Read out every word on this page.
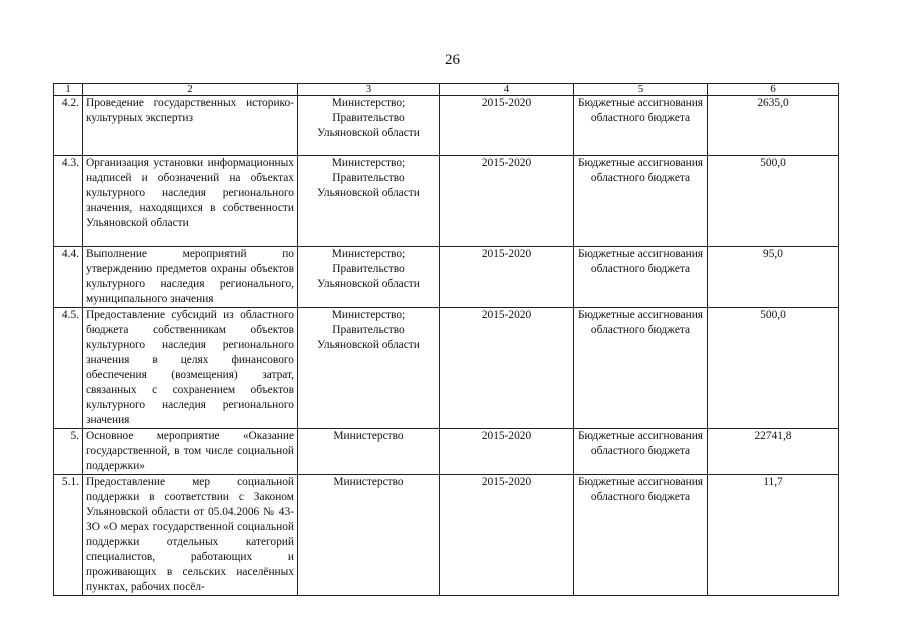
26
1	2	3	4	5	6
4.2.	Проведение государственных историко-культурных экспертиз	Министерство; Правительство Ульяновской области	2015-2020	Бюджетные ассигнования областного бюджета	2635,0
4.3.	Организация установки информационных надписей и обозначений на объектах культурного наследия регионального значения, находящихся в собственности Ульяновской области	Министерство; Правительство Ульяновской области	2015-2020	Бюджетные ассигнования областного бюджета	500,0
4.4.	Выполнение мероприятий по утверждению предметов охраны объектов культурного наследия регионального, муниципального значения	Министерство; Правительство Ульяновской области	2015-2020	Бюджетные ассигнования областного бюджета	95,0
4.5.	Предоставление субсидий из областного бюджета собственникам объектов культурного наследия регионального значения в целях финансового обеспечения (возмещения) затрат, связанных с сохранением объектов культурного наследия регионального значения	Министерство; Правительство Ульяновской области	2015-2020	Бюджетные ассигнования областного бюджета	500,0
5.	Основное мероприятие «Оказание государственной, в том числе социальной поддержки»	Министерство	2015-2020	Бюджетные ассигнования областного бюджета	22741,8
5.1.	Предоставление мер социальной поддержки в соответствии с Законом Ульяновской области от 05.04.2006 № 43-ЗО «О мерах государственной социальной поддержки отдельных категорий специалистов, работающих и проживающих в сельских населённых пунктах, рабочих посёл-	Министерство	2015-2020	Бюджетные ассигнования областного бюджета	11,7
